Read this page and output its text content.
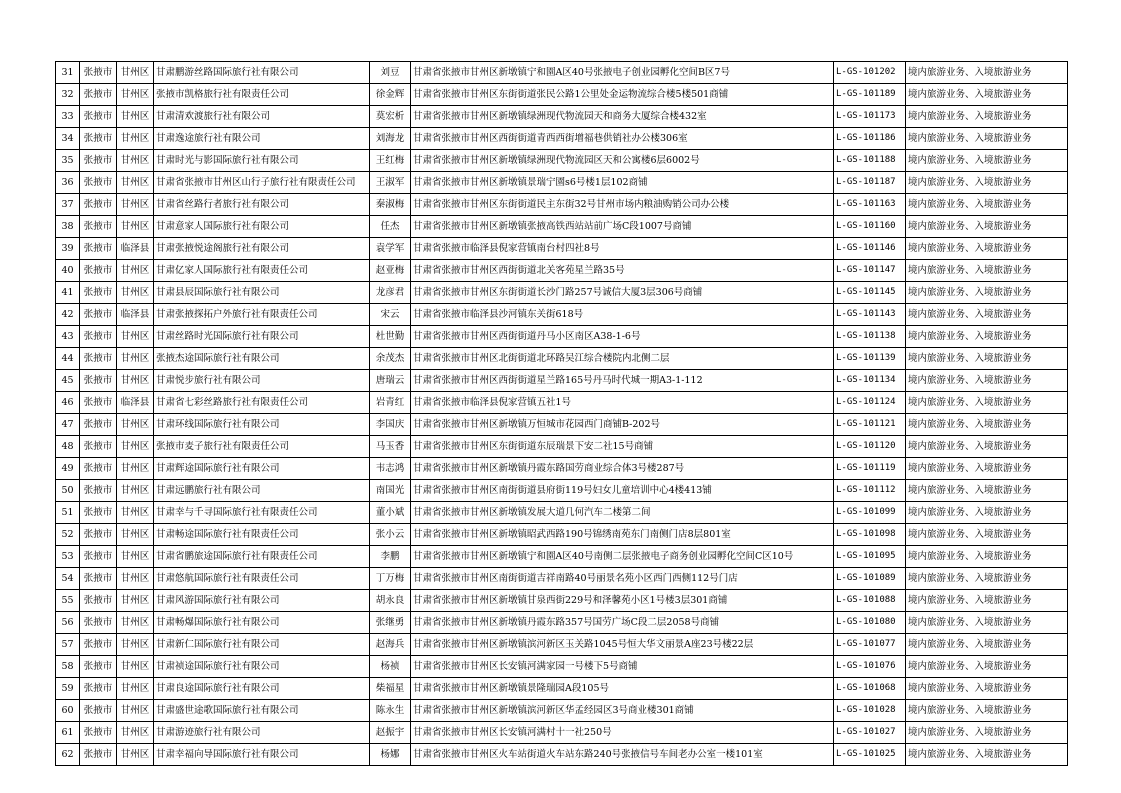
31	张掖市	甘州区	甘肃鹏游丝路国际旅行社有限公司	刘豆	甘肃省张掖市甘州区新墩镇宁和園A区40号张掖电子创业园孵化空间B区7号	L-GS-101202	境内旅游业务、入境旅游业务
32	张掖市	甘州区	张掖市凯格旅行社有限责任公司	徐金辉	甘肃省张掖市甘州区东街街道张民公路1公里处金运物流综合楼5楼501商铺	L-GS-101189	境内旅游业务、入境旅游业务
33	张掖市	甘州区	甘肃清欢渡旅行社有限公司	莫宏析	甘肃省张掖市甘州区新墩镇绿洲现代物流园天和商务大厦综合楼432室	L-GS-101173	境内旅游业务、入境旅游业务
34	张掖市	甘州区	甘肃逸途旅行社有限公司	刘海龙	甘肃省张掖市甘州区西街街道青西西街增福巷供销社办公楼306室	L-GS-101186	境内旅游业务、入境旅游业务
35	张掖市	甘州区	甘肃时光与影国际旅行社有限公司	王红梅	甘肃省张掖市甘州区新墩镇绿洲现代物流园区天和公寓楼6层6002号	L-GS-101188	境内旅游业务、入境旅游业务
36	张掖市	甘州区	甘肃省张掖市甘州区山行子旅行社有限责任公司	王淑军	甘肃省张掖市甘州区新墩镇景瑞宁園s6号楼1层102商铺	L-GS-101187	境内旅游业务、入境旅游业务
37	张掖市	甘州区	甘肃省丝路行者旅行社有限公司	秦淑梅	甘肃省张掖市甘州区东街街道民主东街32号甘州市场内粮油购销公司办公楼	L-GS-101163	境内旅游业务、入境旅游业务
38	张掖市	甘州区	甘肃意家人国际旅行社有限公司	任杰	甘肃省张掖市甘州区新墩镇张掖高铁西站站前广场C段1007号商铺	L-GS-101160	境内旅游业务、入境旅游业务
39	张掖市	临泽县	甘肃张掖悦途阁旅行社有限公司	袁学军	甘肃省张掖市临泽县倪家营镇南台村四社8号	L-GS-101146	境内旅游业务、入境旅游业务
40	张掖市	甘州区	甘肃亿家人国际旅行社有限责任公司	赵亚梅	甘肃省张掖市甘州区西街街道北关客苑星兰路35号	L-GS-101147	境内旅游业务、入境旅游业务
41	张掖市	甘州区	甘肃县辰国际旅行社有限公司	龙彦君	甘肃省张掖市甘州区东街街道长沙门路257号诚信大厦3层306号商铺	L-GS-101145	境内旅游业务、入境旅游业务
42	张掖市	临泽县	甘肃张掖探拓户外旅行社有限责任公司	宋云	甘肃省张掖市临泽县沙河镇东关街618号	L-GS-101143	境内旅游业务、入境旅游业务
43	张掖市	甘州区	甘肃丝路时光国际旅行社有限公司	杜世勤	甘肃省张掖市甘州区西街街道丹马小区南区A38-1-6号	L-GS-101138	境内旅游业务、入境旅游业务
44	张掖市	甘州区	张掖杰途国际旅行社有限公司	余茂杰	甘肃省张掖市甘州区北街街道北环路吴江综合楼院内北侧二层	L-GS-101139	境内旅游业务、入境旅游业务
45	张掖市	甘州区	甘肃悦步旅行社有限公司	唐瑞云	甘肃省张掖市甘州区西街街道星兰路165号丹马时代城一期A3-1-112	L-GS-101134	境内旅游业务、入境旅游业务
46	张掖市	临泽县	甘肃省七彩丝路旅行社有限责任公司	岩青红	甘肃省张掖市临泽县倪家营镇五社1号	L-GS-101124	境内旅游业务、入境旅游业务
47	张掖市	甘州区	甘肃环线国际旅行社有限公司	李国庆	甘肃省张掖市甘州区新墩镇万恒城市花园西门商铺B-202号	L-GS-101121	境内旅游业务、入境旅游业务
48	张掖市	甘州区	张掖市麦子旅行社有限责任公司	马玉香	甘肃省张掖市甘州区东街街道东辰瑞景下安二社15号商铺	L-GS-101120	境内旅游业务、入境旅游业务
49	张掖市	甘州区	甘肃辉途国际旅行社有限公司	韦志鸿	甘肃省张掖市甘州区新墩镇丹霞东路国劳商业综合体3号楼287号	L-GS-101119	境内旅游业务、入境旅游业务
50	张掖市	甘州区	甘肃远鹏旅行社有限公司	南国光	甘肃省张掖市甘州区南街街道县府街119号妇女儿童培训中心4楼413铺	L-GS-101112	境内旅游业务、入境旅游业务
51	张掖市	甘州区	甘肃幸与千寻国际旅行社有限责任公司	董小斌	甘肃省张掖市甘州区新墩镇发展大道几何汽车二楼第二间	L-GS-101099	境内旅游业务、入境旅游业务
52	张掖市	甘州区	甘肃畅途国际旅行社有限责任公司	张小云	甘肃省张掖市甘州区新墩镇昭武西路190号锦绣南苑东门南侧门店8层801室	L-GS-101098	境内旅游业务、入境旅游业务
53	张掖市	甘州区	甘肃省鹏旅途国际旅行社有限责任公司	李鹏	甘肃省张掖市甘州区新墩镇宁和園A区40号南侧二层张掖电子商务创业园孵化空间C区10号	L-GS-101095	境内旅游业务、入境旅游业务
54	张掖市	甘州区	甘肃悠航国际旅行社有限责任公司	丁万梅	甘肃省张掖市甘州区南街街道吉祥南路40号丽景名苑小区西门西侧112号门店	L-GS-101089	境内旅游业务、入境旅游业务
55	张掖市	甘州区	甘肃风游国际旅行社有限公司	胡永良	甘肃省张掖市甘州区新墩镇甘泉西街229号和泽馨苑小区1号楼3层301商铺	L-GS-101088	境内旅游业务、入境旅游业务
56	张掖市	甘州区	甘肃畅爆国际旅行社有限公司	张继勇	甘肃省张掖市甘州区新墩镇丹霞东路357号国劳广场C段二层2058号商铺	L-GS-101080	境内旅游业务、入境旅游业务
57	张掖市	甘州区	甘肃新仁国际旅行社有限公司	赵海兵	甘肃省张掖市甘州区新墩镇滨河新区玉关路1045号恒大华文丽景A座23号楼22层	L-GS-101077	境内旅游业务、入境旅游业务
58	张掖市	甘州区	甘肃祯途国际旅行社有限公司	杨祯	甘肃省张掖市甘州区长安镇河满家园一号楼下5号商铺	L-GS-101076	境内旅游业务、入境旅游业务
59	张掖市	甘州区	甘肃良途国际旅行社有限公司	柴福星	甘肃省张掖市甘州区新墩镇景隆瑞园A段105号	L-GS-101068	境内旅游业务、入境旅游业务
60	张掖市	甘州区	甘肃盛世途歌国际旅行社有限公司	陈永生	甘肃省张掖市甘州区新墩镇滨河新区华孟经园区3号商业楼301商铺	L-GS-101028	境内旅游业务、入境旅游业务
61	张掖市	甘州区	甘肃游迹旅行社有限公司	赵振宇	甘肃省张掖市甘州区长安镇河满村十一社250号	L-GS-101027	境内旅游业务、入境旅游业务
62	张掖市	甘州区	甘肃幸福向导国际旅行社有限公司	杨娜	甘肃省张掖市甘州区火车站街道火车站东路240号张掖信号车间老办公室一楼101室	L-GS-101025	境内旅游业务、入境旅游业务
